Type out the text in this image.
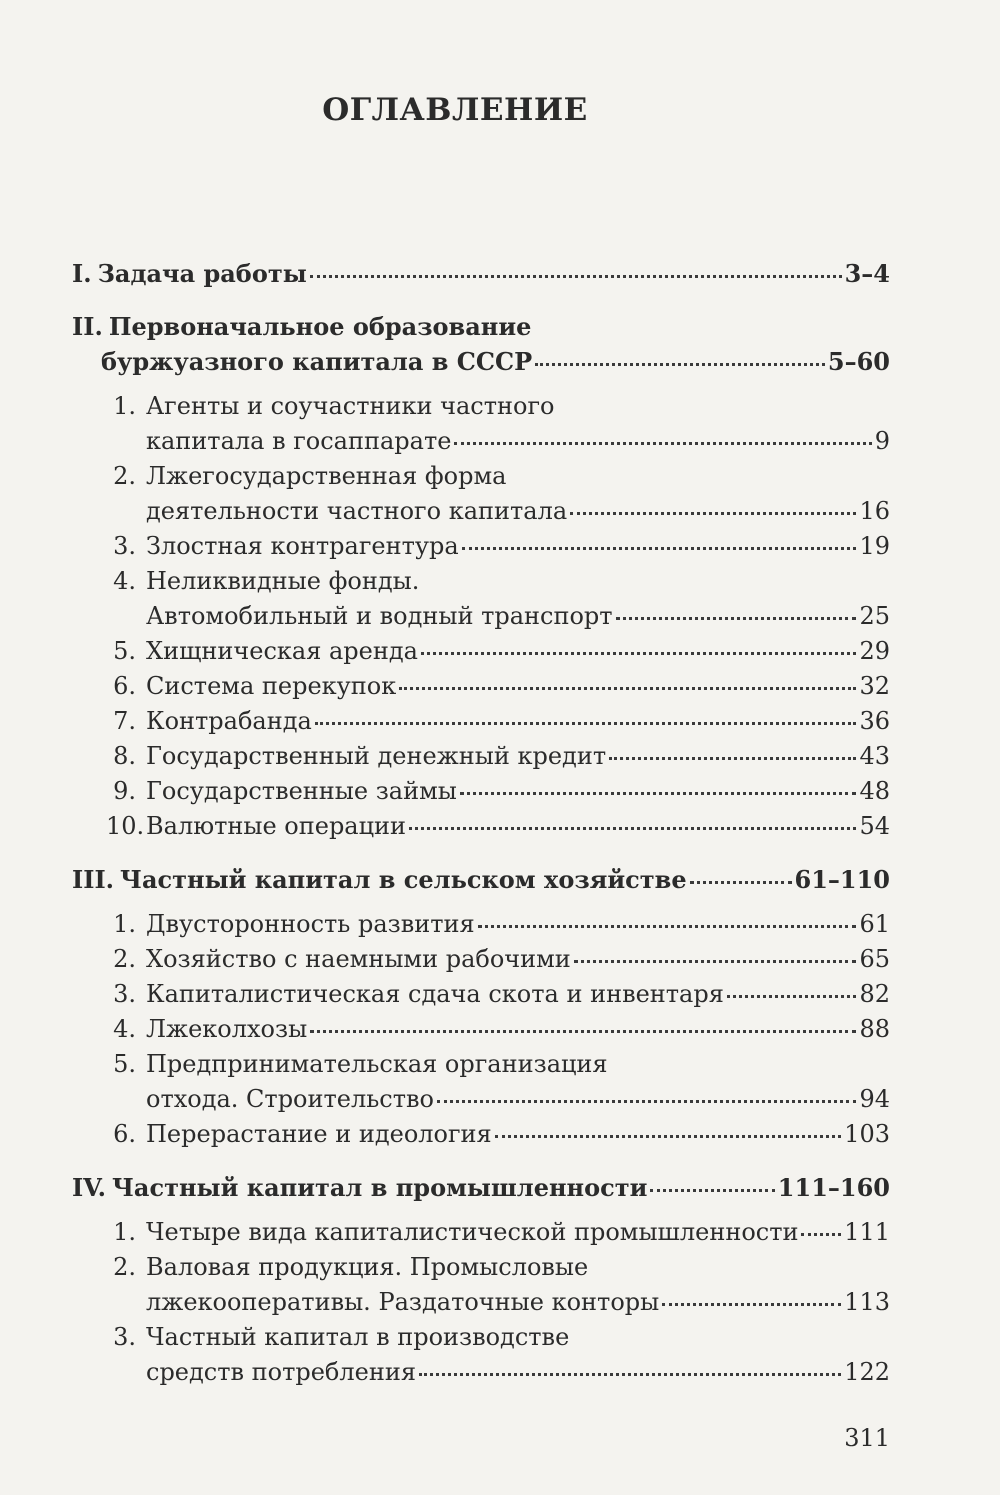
ОГЛАВЛЕНИЕ
I. Задача работы	3–4
II. Первоначальное образование
буржуазного капитала в СССР	5–60
1. Агенты и соучастники частного
капитала в госаппарате	9
2. Лжегосударственная форма
деятельности частного капитала	16
3. Злостная контрагентура	19
4. Неликвидные фонды.
Автомобильный и водный транспорт	25
5. Хищническая аренда	29
6. Система перекупок	32
7. Контрабанда	36
8. Государственный денежный кредит	43
9. Государственные займы	48
10. Валютные операции	54
III. Частный капитал в сельском хозяйстве	61–110
1. Двусторонность развития	61
2. Хозяйство с наемными рабочими	65
3. Капиталистическая сдача скота и инвентаря	82
4. Лжеколхозы	88
5. Предпринимательская организация
отхода. Строительство	94
6. Перерастание и идеология	103
IV. Частный капитал в промышленности	111–160
1. Четыре вида капиталистической промышленности 111
2. Валовая продукция. Промысловые
лжекооперативы. Раздаточные конторы	113
3. Частный капитал в производстве
средств потребления	122
311
